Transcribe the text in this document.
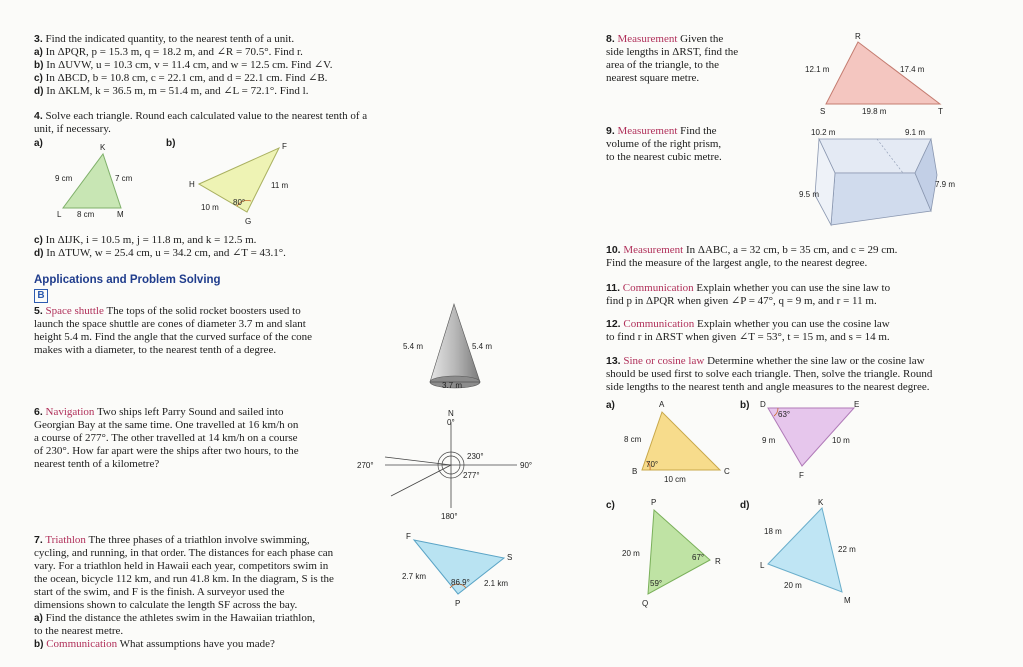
3. Find the indicated quantity, to the nearest tenth of a unit.

a) In ΔPQR, p = 15.3 m, q = 18.2 m, and ∠R = 70.5°. Find r.

b) In ΔUVW, u = 10.3 cm, v = 11.4 cm, and w = 12.5 cm. Find ∠V.

c) In ΔBCD, b = 10.8 cm, c = 22.1 cm, and d = 22.1 cm. Find ∠B.

d) In ΔKLM, k = 36.5 m, m = 51.4 m, and ∠L = 72.1°. Find l.

4. Solve each triangle. Round each calculated value to the nearest tenth of a

unit, if necessary.

a)	b)
K
L	M
9 cm	7 cm
8 cm
H
F
G
11 m
10 m
80°

c) In ΔIJK, i = 10.5 m, j = 11.8 m, and k = 12.5 m.

d) In ΔTUW, w = 25.4 cm, u = 34.2 cm, and ∠T = 43.1°.

Applications and Problem Solving
B

5. Space shuttle The tops of the solid rocket boosters used to

launch the space shuttle are cones of diameter 3.7 m and slant

height 5.4 m. Find the angle that the curved surface of the cone

makes with a diameter, to the nearest tenth of a degree.	5.4 m	5.4 m
3.7 m

6. Navigation Two ships left Parry Sound and sailed into

Georgian Bay at the same time. One travelled at 16 km/h on

a course of 277°. The other travelled at 14 km/h on a course

of 230°. How far apart were the ships after two hours, to the

nearest tenth of a kilometre?

N
0°
90°
270°
180°
230°
277°

7. Triathlon The three phases of a triathlon involve swimming,

cycling, and running, in that order. The distances for each phase can

vary. For a triathlon held in Hawaii each year, competitors swim in

the ocean, bicycle 112 km, and run 41.8 km. In the diagram, S is the

start of the swim, and F is the finish. A surveyor used the

dimensions shown to calculate the length SF across the bay.

a) Find the distance the athletes swim in the Hawaiian triathlon,

to the nearest metre.

b) Communication What assumptions have you made?

F
S
P
2.7 km
2.1 km
86.9°

8. Measurement Given the

side lengths in ΔRST, find the

area of the triangle, to the

nearest square metre.

R
S	T
12.1 m	17.4 m
19.8 m

9. Measurement Find the

volume of the right prism,

to the nearest cubic metre.

10.2 m	9.1 m
7.9 m
9.5 m

10. Measurement In ΔABC, a = 32 cm, b = 35 cm, and c = 29 cm.

Find the measure of the largest angle, to the nearest degree.

11. Communication Explain whether you can use the sine law to

find p in ΔPQR when given ∠P = 47°, q = 9 m, and r = 11 m.

12. Communication Explain whether you can use the cosine law

to find r in ΔRST when given ∠T = 53°, t = 15 m, and s = 14 m.

13. Sine or cosine law Determine whether the sine law or the cosine law

should be used first to solve each triangle. Then, solve the triangle. Round

side lengths to the nearest tenth and angle measures to the nearest degree.

a)	b)
c)	d)
A
B	C
8 cm
10 cm
70°
D	E
F
9 m	10 m
63°
P
Q
R
20 m	67°
59°
K
L
M
18 m
22 m
20 m
